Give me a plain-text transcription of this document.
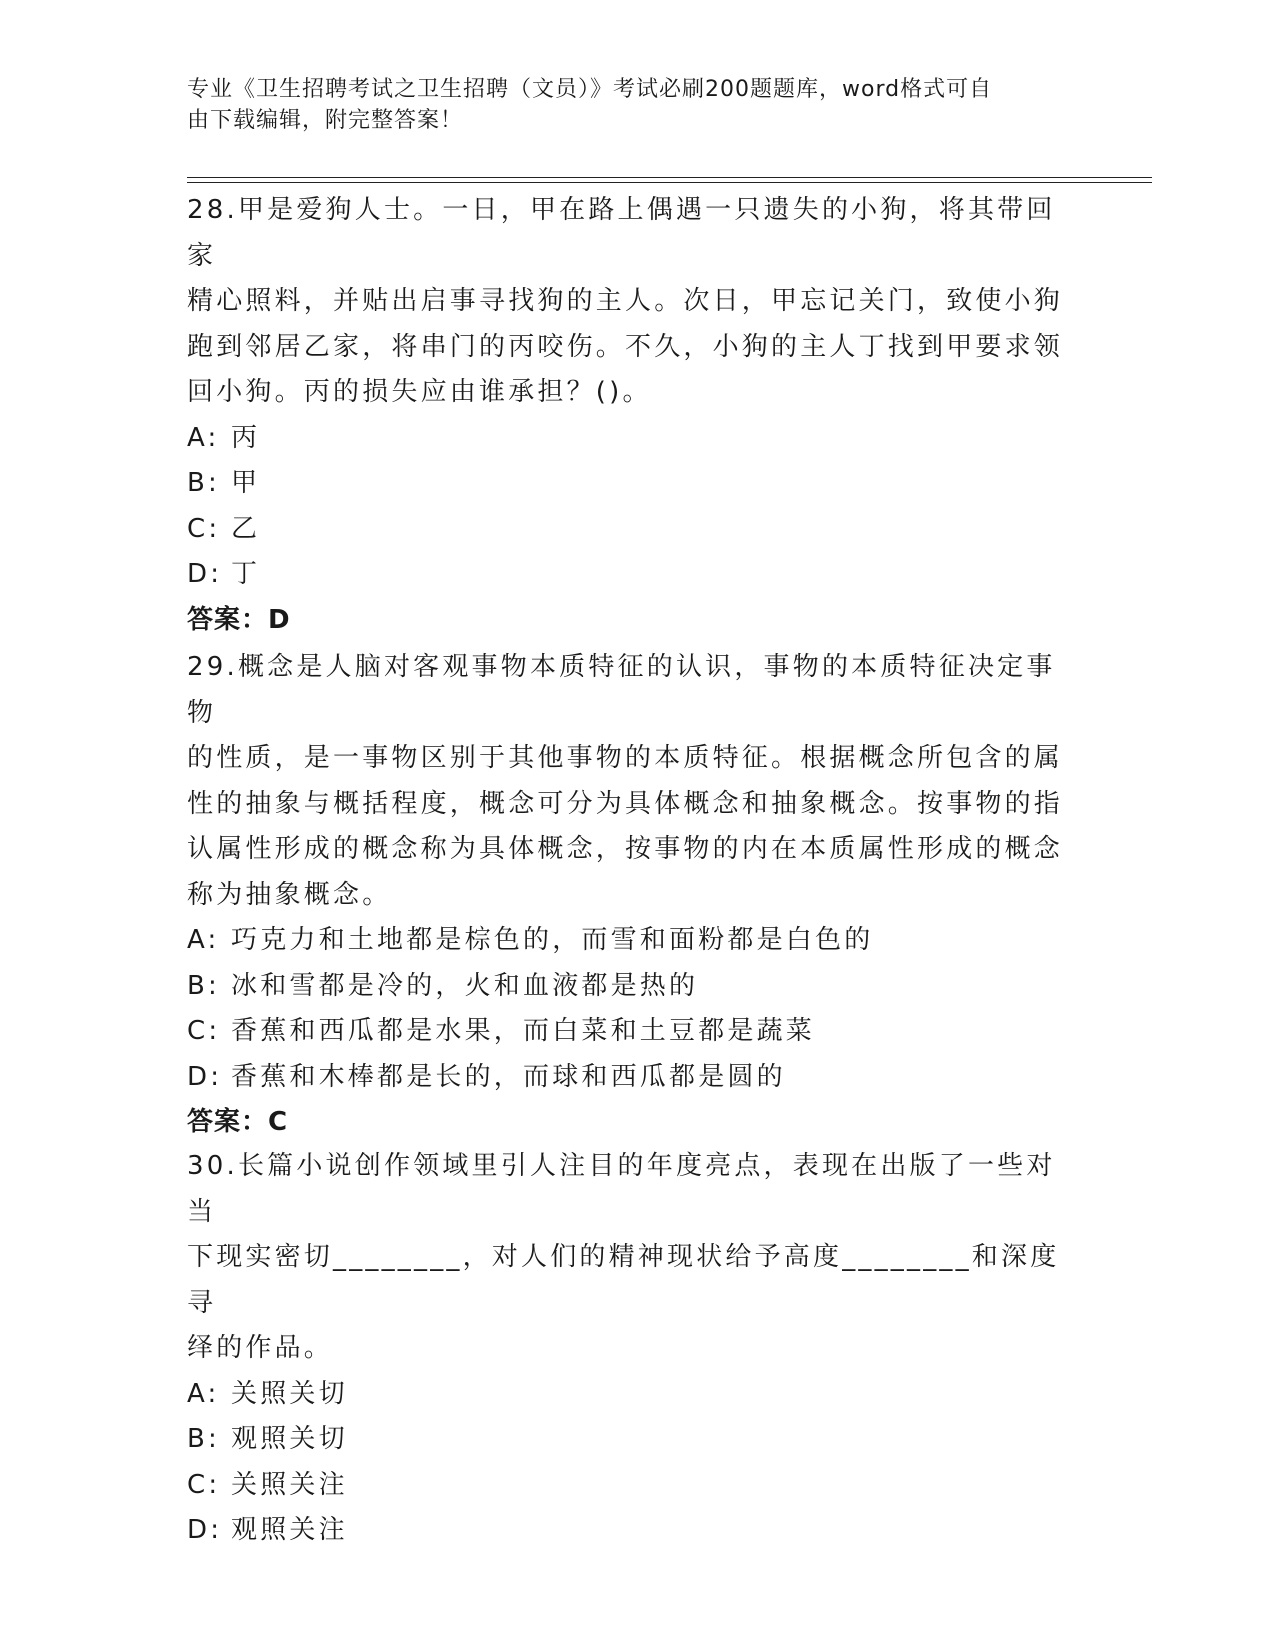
专业《卫生招聘考试之卫生招聘（文员）》考试必刷200题题库，word格式可自
由下载编辑，附完整答案！
28.甲是爱狗人士。一日，甲在路上偶遇一只遗失的小狗，将其带回家
精心照料，并贴出启事寻找狗的主人。次日，甲忘记关门，致使小狗
跑到邻居乙家，将串门的丙咬伤。不久，小狗的主人丁找到甲要求领
回小狗。丙的损失应由谁承担？()。
A: 丙
B: 甲
C: 乙
D: 丁
答案：D
29.概念是人脑对客观事物本质特征的认识，事物的本质特征决定事物
的性质，是一事物区别于其他事物的本质特征。根据概念所包含的属
性的抽象与概括程度，概念可分为具体概念和抽象概念。按事物的指
认属性形成的概念称为具体概念，按事物的内在本质属性形成的概念
称为抽象概念。
A: 巧克力和土地都是棕色的，而雪和面粉都是白色的
B: 冰和雪都是冷的，火和血液都是热的
C: 香蕉和西瓜都是水果，而白菜和土豆都是蔬菜
D: 香蕉和木棒都是长的，而球和西瓜都是圆的
答案：C
30.长篇小说创作领域里引人注目的年度亮点，表现在出版了一些对当
下现实密切________，对人们的精神现状给予高度________和深度寻
绎的作品。
A: 关照关切
B: 观照关切
C: 关照关注
D: 观照关注
